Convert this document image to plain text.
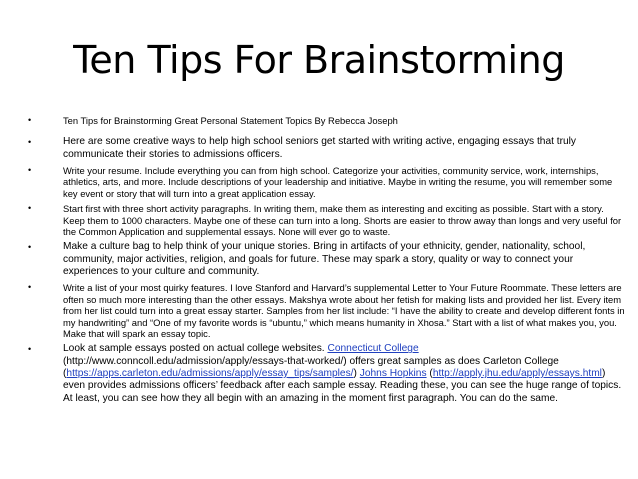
Ten Tips For Brainstorming
•	Ten Tips for Brainstorming Great Personal Statement Topics By Rebecca Joseph
•	Here are some creative ways to help high school seniors get started with writing active, engaging essays that truly communicate their stories to admissions officers.
•	Write your resume. Include everything you can from high school. Categorize your activities, community service, work, internships, athletics, arts, and more. Include descriptions of your leadership and initiative. Maybe in writing the resume, you will remember some key event or story that will turn into a great application essay.
•	Start first with three short activity paragraphs. In writing them, make them as interesting and exciting as possible. Start with a story. Keep them to 1000 characters. Maybe one of these can turn into a long. Shorts are easier to throw away than longs and very useful for the Common Application and supplemental essays. None will ever go to waste.
•	Make a culture bag to help think of your unique stories. Bring in artifacts of your ethnicity, gender, nationality, school, community, major activities, religion, and goals for future. These may spark a story, quality or way to connect your experiences to your culture and community.
•	Write a list of your most quirky features. I love Stanford and Harvard’s supplemental Letter to Your Future Roommate. These letters are often so much more interesting than the other essays. Makshya wrote about her fetish for making lists and provided her list. Every item from her list could turn into a great essay starter. Samples from her list include: “I have the ability to create and develop different fonts in my handwriting” and “One of my favorite words is “ubuntu,” which means humanity in Xhosa.” Start with a list of what makes you, you. Make that will spark an essay topic.
•	Look at sample essays posted on actual college websites. Connecticut College (http://www.conncoll.edu/admission/apply/essays-that-worked/) offers great samples as does Carleton College (https://apps.carleton.edu/admissions/apply/essay_tips/samples/) Johns Hopkins (http://apply.jhu.edu/apply/essays.html) even provides admissions officers’ feedback after each sample essay. Reading these, you can see the huge range of topics. At least, you can see how they all begin with an amazing in the moment first paragraph. You can do the same.
